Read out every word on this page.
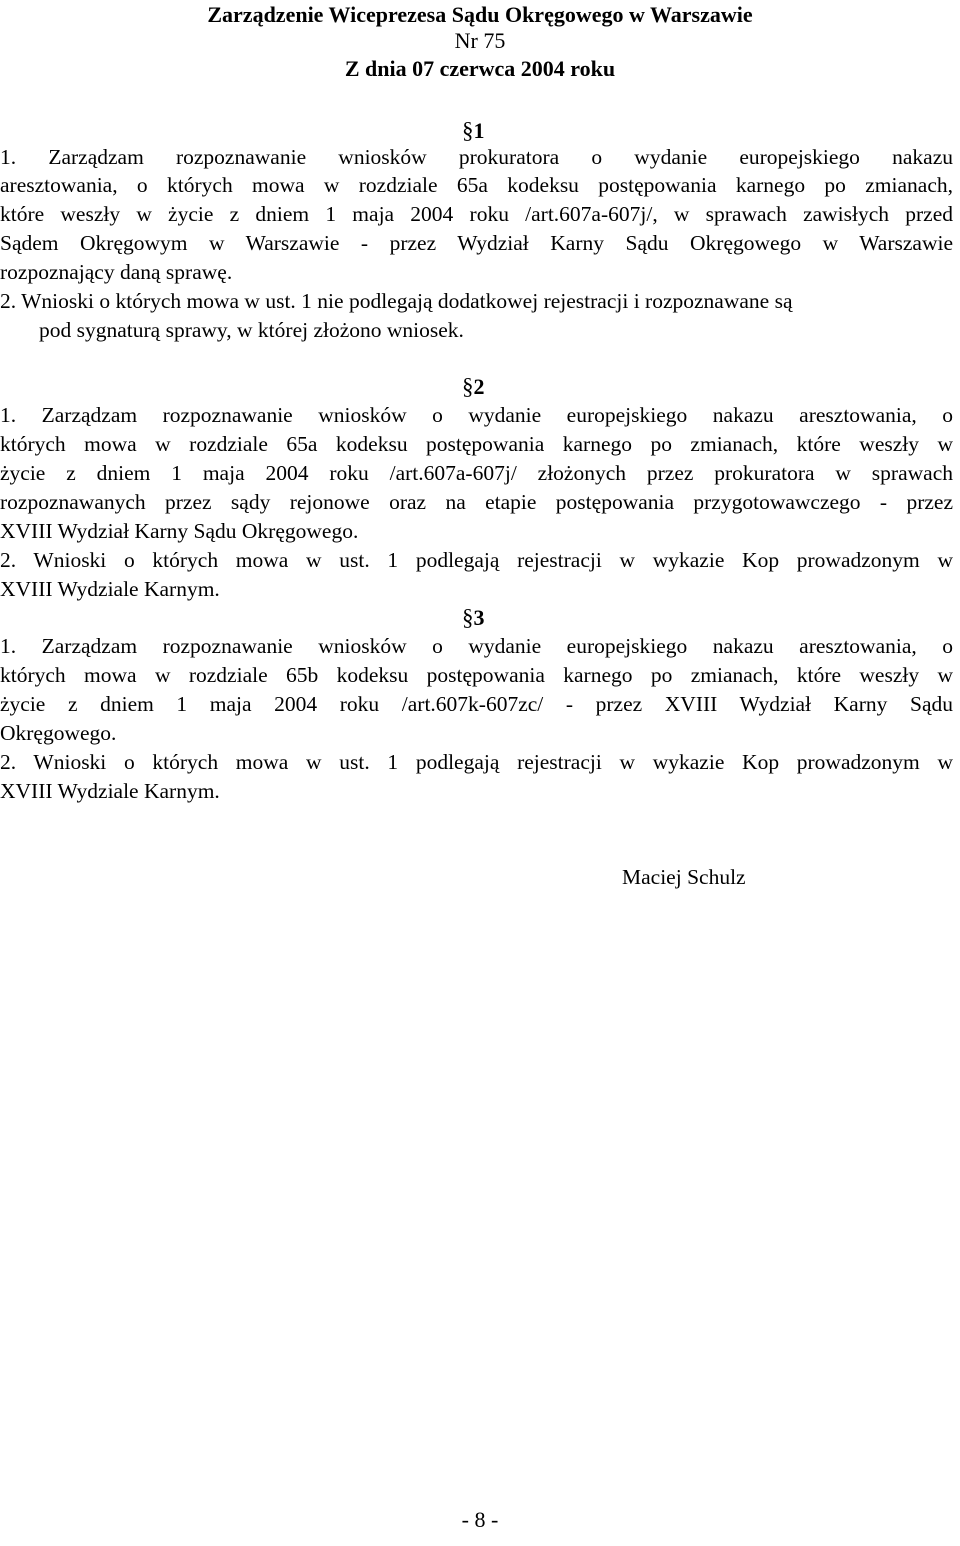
Zarządzenie Wiceprezesa Sądu Okręgowego w Warszawie
Nr 75
Z dnia 07 czerwca 2004 roku
§1
1. Zarządzam rozpoznawanie wniosków prokuratora o wydanie europejskiego nakazu
aresztowania, o których mowa w rozdziale 65a kodeksu postępowania karnego po zmianach,
które weszły w życie z dniem 1 maja 2004 roku /art.607a-607j/, w sprawach zawisłych przed
Sądem Okręgowym w Warszawie - przez Wydział Karny Sądu Okręgowego w Warszawie
rozpoznający daną sprawę.
2. Wnioski o których mowa w ust. 1 nie podlegają dodatkowej rejestracji i rozpoznawane są
pod sygnaturą sprawy, w której złożono wniosek.
§2
1. Zarządzam rozpoznawanie wniosków o wydanie europejskiego nakazu aresztowania, o
których mowa w rozdziale 65a kodeksu postępowania karnego po zmianach, które weszły w
życie z dniem 1 maja 2004 roku /art.607a-607j/ złożonych przez prokuratora w sprawach
rozpoznawanych przez sądy rejonowe oraz na etapie postępowania przygotowawczego - przez
XVIII Wydział Karny Sądu Okręgowego.
2. Wnioski o których mowa w ust. 1 podlegają rejestracji w wykazie Kop prowadzonym w
XVIII Wydziale Karnym.
§3
1. Zarządzam rozpoznawanie wniosków o wydanie europejskiego nakazu aresztowania, o
których mowa w rozdziale 65b kodeksu postępowania karnego po zmianach, które weszły w
życie z dniem 1 maja 2004 roku /art.607k-607zc/ - przez XVIII Wydział Karny Sądu
Okręgowego.
2. Wnioski o których mowa w ust. 1 podlegają rejestracji w wykazie Kop prowadzonym w
XVIII Wydziale Karnym.
Maciej Schulz
- 8 -
